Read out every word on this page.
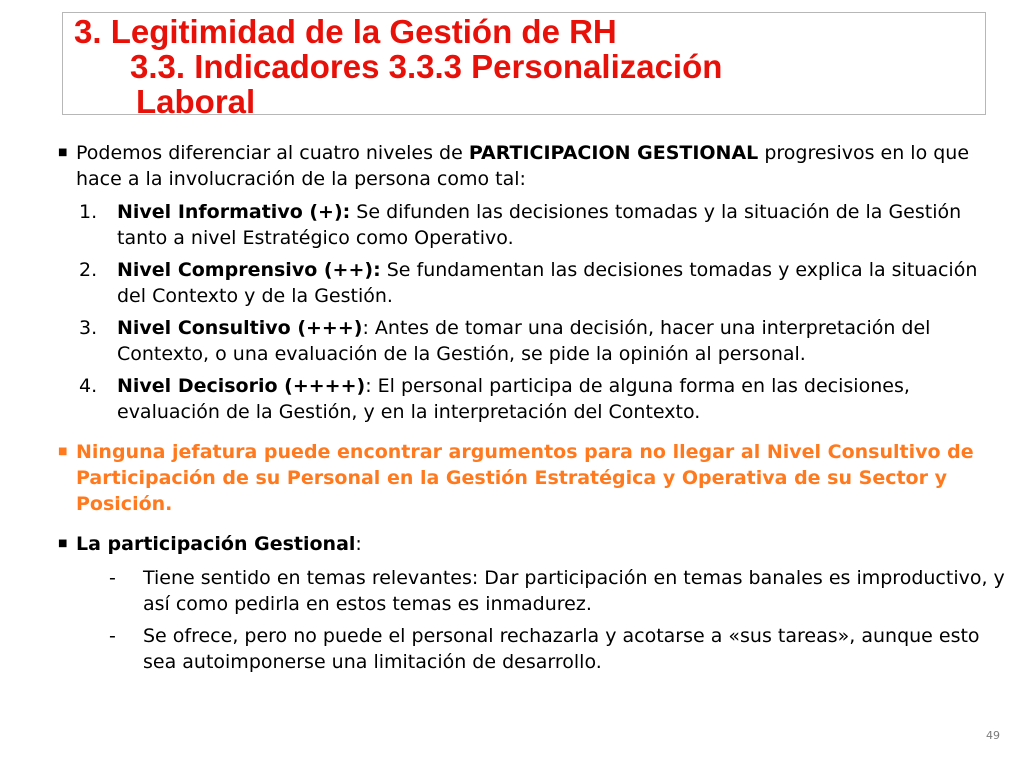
3. Legitimidad de la Gestión de RH
3.3. Indicadores 3.3.3 Personalización
Laboral
■ Podemos diferenciar al cuatro niveles de PARTICIPACION GESTIONAL progresivos en lo que hace a la involucración de la persona como tal:
1. Nivel Informativo (+): Se difunden las decisiones tomadas y la situación de la Gestión tanto a nivel Estratégico como Operativo.
2. Nivel Comprensivo (++): Se fundamentan las decisiones tomadas y explica la situación del Contexto y de la Gestión.
3. Nivel Consultivo (+++): Antes de tomar una decisión, hacer una interpretación del Contexto, o una evaluación de la Gestión, se pide la opinión al personal.
4. Nivel Decisorio (++++): El personal participa de alguna forma en las decisiones, evaluación de la Gestión, y en la interpretación del Contexto.
■ Ninguna jefatura puede encontrar argumentos para no llegar al Nivel Consultivo de Participación de su Personal en la Gestión Estratégica y Operativa de su Sector y Posición.
■ La participación Gestional:
- Tiene sentido en temas relevantes: Dar participación en temas banales es improductivo, y así como pedirla en estos temas es inmadurez.
- Se ofrece, pero no puede el personal rechazarla y acotarse a «sus tareas», aunque esto sea autoimponerse una limitación de desarrollo.
49
